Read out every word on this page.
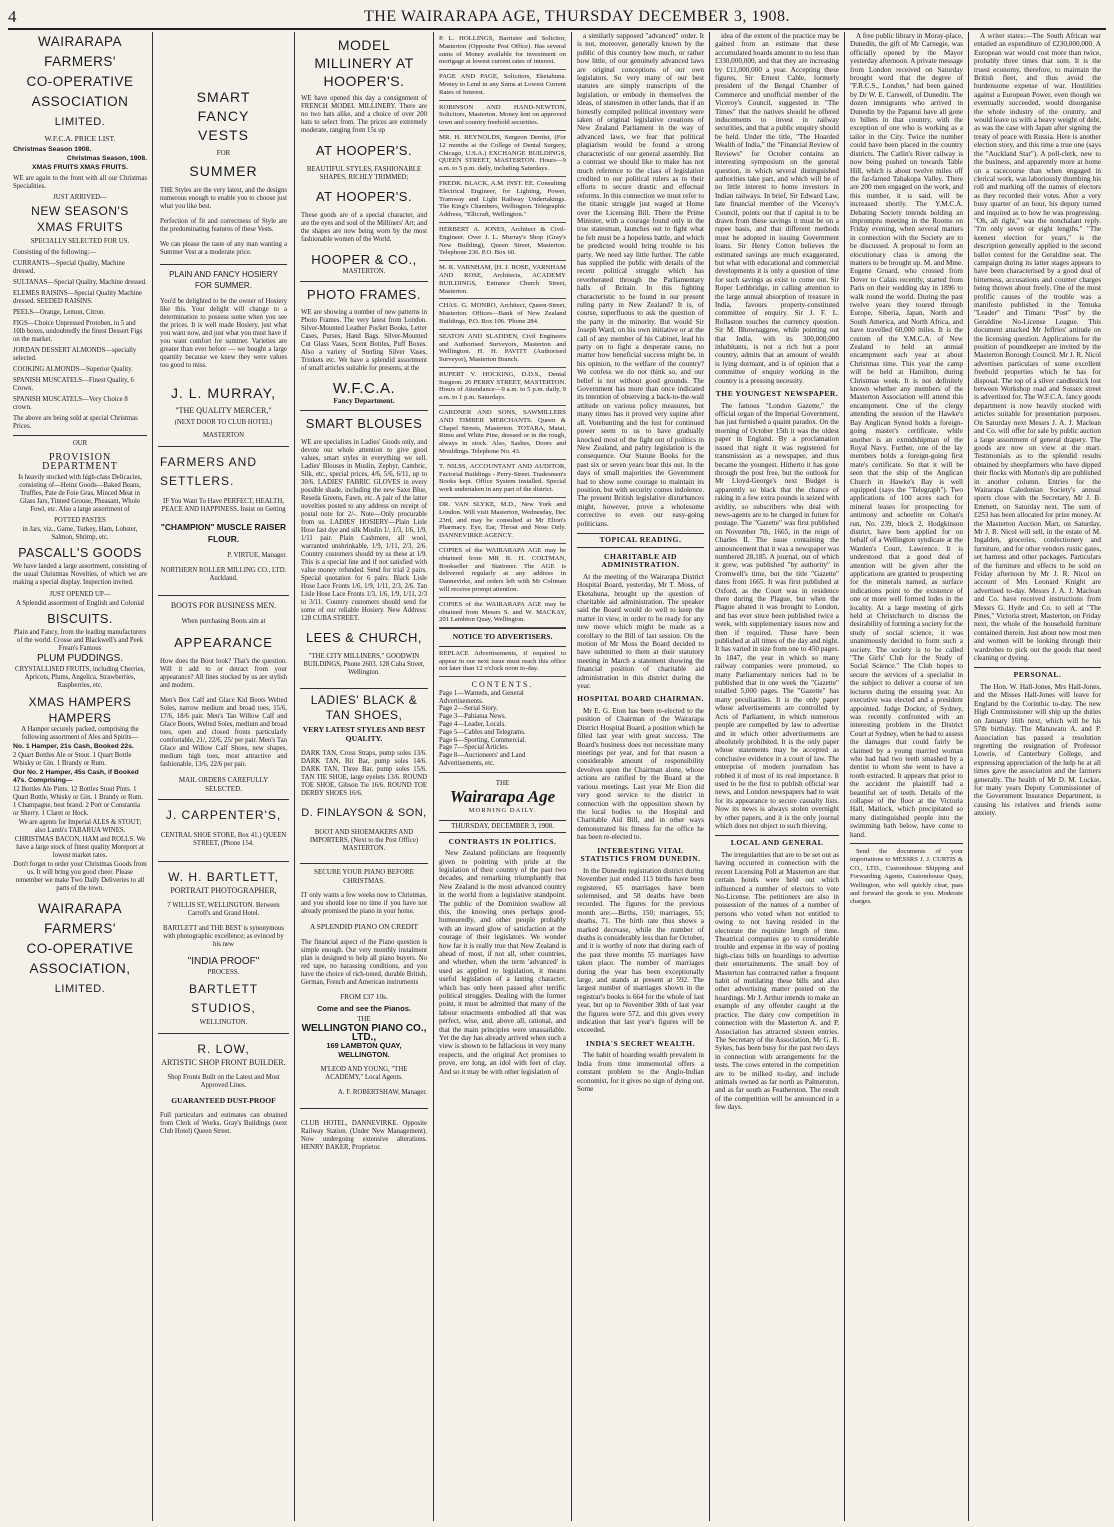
4	THE WAIRARAPA AGE, THURSDAY DECEMBER 3, 1908.
WAIRARAPA
FARMERS'
CO-OPERATIVE
ASSOCIATION
LIMITED.

W.F.C.A. PRICE LIST.

Christmas Season 1908.

Christmas Season, 1908.

XMAS FRUITS XMAS FRUITS.

WE are again to the front with all our Christmas Specialities.

JUST ARRIVED—

NEW SEASON'S XMAS FRUITS

SPECIALLY SELECTED FOR US.

Consisting of the following:—

CURRANTS—Special Quality, Machine dressed.

SULTANAS—Special Quality, Machine dressed.

ELEMES RAISINS—Special Quality Machine dressed. SEEDED RAISINS.

PEELS—Orange, Lemon, Citron.

FIGS—Choice Unpressed Protoben, in 5 and 10lb boxes, undoubtedly the finest Dessert Figs on the market.

JORDAN DESSERT ALMONDS—specially selected.

COOKING ALMONDS—Superior Quality.

SPANISH MUSCATELS—Finest Quality, 6 Crown.

SPANISH MUSCATELS—Very Choice 8 crown.

The above are being sold at special Christmas Prices.

OUR

PROVISION DEPARTMENT

Is heavily stocked with high-class Delicacies, consisting of—Heinz Goods—Baked Beans, Truffles, Pate de Foie Gras, Minced Meat in Glass Jars, Tinned Grouse, Pheasant, Whole Fowl, etc. Also a large assortment of

POTTED PASTES

in Jars, viz., Game, Turkey, Ham, Lobster, Salmon, Shrimp, etc.

PASCALL'S GOODS

We have landed a large assortment, consisting of the usual Christmas Novelties, of which we are making a special display. Inspection invited.

JUST OPENED UP—

A Splendid assortment of English and Colonial

BISCUITS.

Plain and Fancy, from the leading manufacturers of the world. Crosse and Blackwell's and Peek Frean's Famous

PLUM PUDDINGS.

CRYSTALLISED FRUITS, including Cherries, Apricots, Plums, Angelica, Strawberries, Raspberries, etc.

XMAS HAMPERS HAMPERS

A Hamper securely packed, comprising the following assortment of Ales and Spirits—

No. 1 Hamper, 21s Cash, Booked 22s.

2 Quart Bottles Ale or Stout. 1 Quart Bottle Whisky or Gin. 1 Brandy or Rum.

Our No. 2 Hamper, 45s Cash, if Booked 47s. Comprising—

12 Bottles Ale Pints. 12 Bottles Stout Pints. 1 Quart Bottle, Whisky or Gin. 1 Brandy or Rum. 1 Champagne, best brand. 2 Port or Constantia or Sherry. 1 Claret or Hock.

We are agents for Imperial ALES & STOUT; also Lamb's TABARUA WINES.

CHRISTMAS BACON, HAM and ROLLS. We have a large stock of finest quality Moreport at lowest market rates.

Don't forget to order your Christmas Goods from us. It will bring you good cheer. Please remember we make Two Daily Deliveries to all parts of the town.

WAIRARAPA
FARMERS'
CO-OPERATIVE
ASSOCIATION,
LIMITED.
SMART
FANCY
VESTS
FOR
SUMMER

THE Styles are the very latest, and the designs numerous enough to enable you to choose just what you like best.

Perfection of fit and correctness of Style are the predominating features of these Vests.

We can please the taste of any man wanting a Summer Vest at a moderate price.

PLAIN AND FANCY HOSIERY FOR SUMMER.

You'd be delighted to be the owner of Hosiery like this. Your delight will change to a determination to possess some when you see the prices. It is well made Hosiery, just what you want now, and just what you must have if you want comfort for summer. Varieties are greater than ever before — we bought a large quantity because we knew they were values too good to miss.

J. L. MURRAY,
"THE QUALITY MERCER,"
(NEXT DOOR TO CLUB HOTEL)
MASTERTON
FARMERS AND SETTLERS.

IF You Want To Have PERFECT, HEALTH, PEACE AND HAPPINESS. Insist on Getting

"CHAMPION" MUSCLE RAISER FLOUR.

P. VIRTUE, Manager.

NORTHERN ROLLER MILLING CO., LTD. Auckland.

BOOTS FOR BUSINESS MEN.

When purchasing Boots aim at

APPEARANCE

How does the Boot look? That's the question. Will it add to or detract from your appearance? All lines stocked by us are stylish and modern.

Men's Box Calf and Glace Kid Boots Welted Soles, narrow medium and broad toes, 15/6, 17/6, 18/6 pair. Men's Tan Willow Calf and Glace Boots, Welted Soles, medium and broad toes, open and closed fronts particularly comfortable, 21/, 22/6, 25/ per pair. Men's Tan Glace and Willow Calf Shoes, new shapes, medium high toes, most attractive and fashionable, 13/6, 22/6 per pair.

MAIL ORDERS CAREFULLY SELECTED.
J. CARPENTER'S,

CENTRAL SHOE STORE, Box 41.) QUEEN STREET, (Phone 154.

W. H. BARTLETT,
PORTRAIT PHOTOGRAPHER,

7 WILLIS ST, WELLINGTON. Between Carroll's and Grand Hotel.

BARTLETT and THE BEST is synonymous with photographic excellence; as evinced by his new

"INDIA PROOF"
PROCESS.
BARTLETT STUDIOS,
WELLINGTON.
R. LOW,
ARTISTIC SHOP FRONT BUILDER.

Shop Fronts Built on the Latest and Most Approved Lines.

GUARANTEED DUST-PROOF

Full particulars and estimates can obtained from Clerk of Works, Gray's Buildings (next Club Hotel) Queen Street.

MODEL MILLINERY AT HOOPER'S.

WE have opened this day a consignment of FRENCH MODEL MILLINERY. There are no two hats alike, and a choice of over 200 hats to select from. The prices are extremely moderate, ranging from 15s up

AT HOOPER'S.

BEAUTIFUL STYLES, FASHIONABLE SHAPES, RICHLY TRIMMED;

AT HOOPER'S.

These goods are of a special character, and are the eyes and soul of the Milliners' Art; and the shapes are now being worn by the most fashionable women of the World.

HOOPER & CO.,
MASTERTON.
PHOTO FRAMES.

WE are showing a number of new patterns in Photo Frames. The very latest from London. Silver-Mounted Leather Pocket Books, Letter Cases, Purses, Hand Bags. Silver-Mounted Cut Glass Vases, Scent Bottles, Puff Boxes. Also a variety of Sterling Silver Vases, Trinkets etc. We have a splendid assortment of small articles suitable for presents, at the

W.F.C.A.
Fancy Department.
SMART BLOUSES

WE are specialists in Ladies' Goods only, and devote our whole attention to give good values, smart styles in everything we sell. Ladies' Blouses in Muslin, Zephyr, Cambric, Silk, etc., special prices, 4/6, 5/6, 6/11, up to 30/6. LADIES' FABRIC GLOVES in every possible shade, including the new Saxe Blue, Reseda Greens, Fawn, etc. A pair of the latter novelties posted to any address on receipt of postal note for 2/-. Note—Only procurable from us. LADIES' HOSIERY—Plain Lisle Hose fast dye and silk Muslin 1/, 1/3, 1/6, 1/9, 1/11 pair. Plain Cashmere, all wool, warranted unshrinkable, 1/9, 1/11, 2/3, 2/6. Country customers should try us these at 1/9. This is a special line and if not satisfied with value money refunded. Send for trial 2 pairs. Special quotation for 6 pairs. Black Lisle Hose Lace Fronts 1/6, 1/9, 1/11, 2/3, 2/6. Tan Lisle Hose Lace Fronts 1/3, 1/6, 1/9, 1/11, 2/3 to 3/11. Country customers should send for some of our reliable Hosiery. New Address: 128 CUBA STREET.

LEES & CHURCH,

"THE CITY MILLINERS," GOODWIN BUILDINGS, Phone 2603. 128 Cuba Street, Wellington.

LADIES' BLACK & TAN SHOES,
VERY LATEST STYLES AND BEST QUALITY.

DARK TAN, Cross Straps, pump soles 13/6. DARK TAN, Bit Bar, pump soles 14/6. DARK TAN, Three Bar, pump soles 15/6. TAN TIE SHOE, large eyelets 13/6. ROUND TOE SHOE, Gibson Tie 16/6. ROUND TOE DERBY SHOES 16/6.

D. FINLAYSON & SON,

BOOT AND SHOEMAKERS AND IMPORTERS, (Next to the Post Office) MASTERTON.

SECURE YOUR PIANO BEFORE CHRISTMAS.

IT only wants a few weeks now to Christmas, and you should lose no time if you have not already promised the piano in your home.

A SPLENDID PIANO ON CREDIT

The financial aspect of the Piano question is simple enough. Our very monthly instalment plan is designed to help all piano buyers. No red tape, no harassing conditions, and you have the choice of rich-toned, durable British, German, French and American instruments

FROM £37 10s.
Come and see the Pianos.
THE
WELLINGTON PIANO CO., LTD.,
169 LAMBTON QUAY, WELLINGTON.

M'LEOD AND YOUNG, "THE ACADEMY," Local Agents.

A. F. ROBERTSHAW, Manager.

CLUB HOTEL, DANNEVIRKE. Opposite Railway Station. (Under New Management). Now undergoing extensive alterations. HENRY BAKER, Proprietor.

P. L. HOLLINGS, Barrister and Solicitor, Masterton (Opposite Post Office). Has several sums of Money available for investment on mortgage at lowest current rates of interest.
PAGE AND PAGE, Solicitors, Eketahuna. Money to Lend in any Sums at Lowest Current Rates of Interest.
ROBINSON AND HAND-NEWTON, Solicitors, Masterton. Money lent on approved town and country freehold securities.
MR. H. REYNOLDS, Surgeon Dentist, (For 12 months at the College of Dental Surgery, Chicago, U.S.A.) EXCHANGE BUILDINGS, QUEEN STREET, MASTERTON. Hours—9 a.m. to 5 p.m. daily, including Saturdays.
FREDK. BLACK, A.M. INST. EE. Consulting Electrical Engineer, for Lighting, Power, Tramway and Light Railway Undertakings. The King's Chambers, Wellington. Telegraphic Address, "Ellicraft, Wellington."
HERBERT A. JONES, Architect & Civil-Engineer. Over J. L. Murray's Shop (Gray's New Building), Queen Street, Masterton. Telephone 236. P.O. Box 60.
M. R. VARNHAM, [H. J. ROSE, VARNHAM AND ROSE, Architects, ACADEMY BUILDINGS, Entrance Church Street, Masterton.
CHAS. G. MONRO, Architect, Queen-Street, Masterton. Offices—Bank of New Zealand Buildings, P.O. Box 106. 'Phone 284.
SEATON AND SLADDEN, Civil Engineers and Authorised Surveyors, Masterton and Wellington. H. H. PAVITT (Authorised Surveyor), Masterton Branch.
RUPERT V. HOCKING, D.D.S., Dental Surgeon. 26 PERRY STREET, MASTERTON. Hours of Attendance—9 a.m. to 5 p.m. daily, 9 a.m. to 1 p.m. Saturdays.
GARDNER AND SONS, SAWMILLERS AND TIMBER MERCHANTS. Queen & Chapel Streets, Masterton. TOTARA, Matai, Rimu and White Pine, dressed or in the rough, always in stock. Also, Sashes, Doors and Mouldings. Telephone No. 43.
T. NILSS, ACCOUNTANT AND AUDITOR, Factorial Buildings - Perry-Street. Tradesmen's Books kept. Office System installed. Special work undertaken in any part of the district.
DR. VAN SLYKE, M.D., New York and London. Will visit Masterton, Wednesday, Dec 23rd, and may be consulted at Mr Elton's Pharmacy. Eye, Ear, Throat and Nose Only. DANNEVIRKE AGENCY.
COPIES of the WAIRARAPA AGE may be obtained from MR R. H. COLTMAN, Bookseller and Stationer. The AGE is delivered regularly at any address in Dannevirke, and orders left with Mr Coltman will receive prompt attention.
COPIES of the WAIRARAPA AGE may be obtained from Messrs S. and W. MACKAY, 201 Lambton Quay, Wellington.
NOTICE TO ADVERTISERS.
REPLACE Advertisements, if required to appear in our next issue must reach this office not later than 12 o'clock noon to-day.
CONTENTS.
Page 1—Wanteds, and General Advertisements.
Page 2—Serial Story.
Page 3—Pahiatua News.
Page 4—Leader, Locals.
Page 5—Cables and Telegrams.
Page 6—Sporting, Commercial.
Page 7—Special Articles.
Page 8—Auctioneers' and Land Advertisements, etc.
THE
Wairarapa Age
MORNING DAILY.
THURSDAY, DECEMBER 3, 1908.
CONTRASTS IN POLITICS.

New Zealand politicians are frequently given to pointing with pride at the legislation of their country of the past two decades, and remarking triumphantly that New Zealand is the most advanced country in the world from a legislative standpoint. The public of the Dominion swallow all this, the knowing ones perhaps good-humouredly, and other people probably with an inward glow of satisfaction at the courage of their legislators. We wonder how far it is really true that New Zealand is ahead of most, if not all, other countries, and whether, when the term 'advanced' is used as applied to legislation, it means useful legislation of a lasting character, which has only been passed after terrific political struggles. Dealing with the former point, it must be admitted that many of the labour enactments embodied all that was perfect, wise, and, above all, rational, and that the main principles were unassailable. Yet the day has already arrived when such a view is shown to be fallacious in very many respects, and the original Act promises to prove, ere long, an idol with feet of clay. And so it may be with other legislation of

a similarly supposed "advanced" order. It is not, moreover, generally known by the public of this country how much, or rather how little, of our genuinely advanced laws are original conceptions of our own legislators. So very many of our best statutes are simply transcripts of the legislation, or embody in themselves the ideas, of statesmen in other lands, that if an honestly compiled political inventory were taken of original legislative creations of New Zealand Parliament in the way of advanced laws, we fear that political plagiarism would be found a strong characteristic of our general assembly. But a contrast we should like to make has not much reference to the class of legislation credited to our political rulers as to their efforts to secure drastic and effectual reforms. In this connection we must refer to the titanic struggle just waged at Home over the Licensing Bill. There the Prime Minister, with a courage found only in the true statesman, launches out to fight what he felt must be a hopeless battle, and which he predicted would bring trouble to his party. We need say little further. The cable has supplied the public with details of the recent political struggle which has reverberated through the Parliamentary halls of Britain. In this fighting characteristic to be found in our present ruling party in New Zealand? It is, of course, superfluous to ask the question of the party in the minority. But would Sir Joseph Ward, on his own initiative or at the call of any member of his Cabinet, lead his party on to fight a desperate cause, no matter how beneficial success might be, in his opinion, to the welfare of the country? We confess we do not think so, and our belief is not without good grounds. The Government has more than once indicated its intention of observing a back-to-the-wall attitude on various policy measures, but many times has it proved very supine after all. Votehunting and the lust for continued power seem to us to have gradually knocked most of the fight out of politics in New Zealand, and paltry legislation is the consequence. Our Statute Books for the past six or seven years bear this out. In the days of small majorities the Government had to show some courage to maintain its position, but with security comes indolence. The present British legislative disturbances might, however, prove a wholesome corrective to even our easy-going politicians.

TOPICAL READING.
CHARITABLE AID ADMINISTRATION.

At the meeting of the Wairarapa District Hospital Board, yesterday, Mr T. Moss, of Eketahuna, brought up the question of charitable aid administration. The speaker said the Board would do well to keep the matter in view, in order to be ready for any new move which might be made as a corollary to the Bill of last session. On the motion of Mr Moss the Board decided to have submitted to them at their statutory meeting in March a statement showing the financial position of charitable aid administration in this district during the year.

HOSPITAL BOARD CHAIRMAN.

Mr E. G. Eton has been re-elected to the position of Chairman of the Wairarapa District Hospital Board, a position which he filled last year with great success. The Board's business does not necessitate many meetings per year, and for that reason a considerable amount of responsibility devolves upon the Chairman alone, whose actions are ratified by the Board at the various meetings. Last year Mr Eton did very good service to the district in connection with the opposition shown by the local bodies to the Hospital and Charitable Aid Bill, and in other ways demonstrated his fitness for the office he has been re-elected to.

INTERESTING VITAL STATISTICS FROM DUNEDIN.

In the Dunedin registration district during November just ended 113 births have been registered, 65 marriages have been solemnised, and 58 deaths have been recorded. The figures for the previous month are:—Births, 150; marriages, 55; deaths, 71. The birth rate thus shows a marked decrease, while the number of deaths is considerably less than for October, and it is worthy of note that during each of the past three months 55 marriages have taken place. The number of marriages during the year has been exceptionally large, and stands at present at 592. The largest number of marriages shown in the registrar's books is 664 for the whole of last year, but up to November 30th of last year the figures were 572, and this gives every indication that last year's figures will be exceeded.

INDIA'S SECRET WEALTH.

The habit of hoarding wealth prevalent in India from time immemorial offers a constant problem to the Anglo-Indian economist, for it gives no sign of dying out. Some

idea of the extent of the practice may be gained from an estimate that these accumulated hoards amount to no less than £330,000,000, and that they are increasing by £11,000,000 a year. Accepting these figures, Sir Ernest Cable, formerly president of the Bengal Chamber of Commerce and unofficial member of the Viceroy's Council, suggested in "The Times" that the natives should be offered inducements to invest in railway securities, and that a public enquiry should be held. Under the title, "The Hoarded Wealth of India," the "Financial Review of Reviews" for October contains an interesting symposium on the general question, in which several distinguished authorities take part, and which will be of no little interest to home investors in Indian railways. In brief, Sir Edward Law, late financial member of the Viceroy's Council, points out that if capital is to be drawn from these savings it must be on a rupee basis, and that different methods must be adopted in issuing Government loans. Sir Henry Cotton believes the estimated savings are much exaggerated, but what with educational and commercial developments it is only a question of time for such savings as exist to come out. Sir Roper Lethbridge, in calling attention to the large annual absorption of treasure in India, favours property-constituted committee of enquiry. Sir J. F. L. Rollaston touches the currency question. Sir M. Bhownaggree, while pointing out that India, with its 300,000,000 inhabitants, is not a rich but a poor country, admits that an amount of wealth is lying dormant, and is of opinion that a committee of enquiry working in the country is a pressing necessity.

THE YOUNGEST NEWSPAPER.

The famous "London Gazette," the official organ of the Imperial Government, has just furnished a quaint paradox. On the morning of October 15th it was the oldest paper in England. By a proclamation issued that night it was registered for transmission as a newspaper, and thus became the youngest. Hitherto it has gone through the post free, but the outlook for Mr Lloyd-George's next Budget is apparently so black that the chance of raking in a few extra pounds is seized with avidity, so subscribers who deal with news-agents are to be charged in future for postage. The "Gazette" was first published on November 7th, 1665, in the reign of Charles II. The issue containing the announcement that it was a newspaper was numbered 28,185. A journal, out of which it grew, was published "by authority" in Cromwell's time, but the title "Gazette" dates from 1665. It was first published at Oxford, as the Court was in residence there during the Plague, but when the Plague abated it was brought to London, and has ever since been published twice a week, with supplementary issues now and then if required. These have been published at all times of the day and night. It has varied in size from one to 450 pages. In 1847, the year in which so many railway companies were promoted, so many Parliamentary notices had to be published that in one week the "Gazette" totalled 5,000 pages. The "Gazette" has many peculiarities. It is the only paper whose advertisements are controlled by Acts of Parliament, in which numerous people are compelled by law to advertise and in which other advertisements are absolutely prohibited. It is the only paper whose statements may be accepted as conclusive evidence in a court of law. The enterprise of modern journalism has robbed it of most of its real importance. It used to be the first to publish official war news, and London newspapers had to wait for its appearance to secure casualty lists. Now its news is always stolen overnight by other papers, and it is the only journal which does not object to such thieving.

LOCAL AND GENERAL

The irregularities that are to be set out as having occurred in connection with the recent Licensing Poll at Masterton are that certain hotels were held out which influenced a number of electors to vote No-License. The petitioners are also in possession of the names of a number of persons who voted when not entitled to owing to not having resided in the electorate the requisite length of time. Theatrical companies go to considerable trouble and expense in the way of posting high-class bills on hoardings to advertise their entertainments. The small boy of Masterton has contracted rather a frequent habit of mutilating these bills and also other advertising matter posted on the hoardings. Mr J. Arthur intends to make an example of any offender caught at the practice. The dairy cow competition in connection with the Masterton A. and P. Association has attracted sixteen entries. The Secretary of the Association, Mr G. R. Sykes, has been busy for the past two days in connection with arrangements for the tests. The cows entered in the competition are to be milked to-day, and include animals owned as far north as Palmerston, and as far south as Featherston. The result of the competition will be announced in a few days.

A free public library in Moray-place, Dunedin, the gift of Mr Carnegie, was officially opened by the Mayor yesterday afternoon. A private message from London received on Saturday brought word that the degree of "F.R.C.S., London," had been gained by Dr W. E. Carswell, of Dunedin. The dozen immigrants who arrived in Dunedin by the Papanui have all gone to billets in that country, with the exception of one who is working as a tailor in the City. Twice the number could have been placed in the country districts. The Catlin's River railway is now being pushed on towards Table Hill, which is about twelve miles off the far-famed Tahakopa Valley. There are 200 men engaged on the work, and this number, it is said, will be increased shortly. The Y.M.C.A. Debating Society intends holding an impromptu meeting in the Rooms on Friday evening, when several matters in connection with the Society are to be discussed. A proposal to form an elocutionary class is among the matters to be brought up. M. and Mme. Eugene Gruard, who crossed from Dover to Calais recently, started from Paris on their wedding day in 1896 to walk round the world. During the past twelve years they toured through Europe, Siberia, Japan, North and South America, and North Africa, and have travelled 60,000 miles. It is the custom of the Y.M.C.A. of New Zealand to hold an annual encampment each year at about Christmas time. This year the camp will be held at Hamilton, during Christmas week. It is not definitely known whether any members of the Masterton Association will attend this encampment. One of the clergy attending the session of the Hawke's Bay Anglican Synod holds a foreign-going master's certificate, while another is an exmidshipman of the Royal Navy. Further, one of the lay members holds a foreign-going first mate's certificate. So that it will be seen that the ship of the Anglican Church in Hawke's Bay is well equipped (says the "Telegraph"). Two applications of 100 acres each for mineral leases for prospecting for antimony and scheelite on Coltan's run, No. 239, block 2, Hodgkinson district, have been applied for on behalf of a Wellington syndicate at the Warden's Court, Lawrence. It is understood that a good deal of attention will be given after the applications are granted to prospecting for the minerals named, as surface indications point to the existence of one or more well formed lodes in the locality. At a large meeting of girls held at Christchurch to discuss the desirability of forming a society for the study of social science, it was unanimously decided to form such a society. The society is to be called "The Girls' Club for the Study of Social Science." The Club hopes to secure the services of a specialist in the subject to deliver a course of ten lectures during the ensuing year. An executive was elected and a president appointed. Judge Docker, of Sydney, was recently confronted with an interesting problem in the District Court at Sydney, when he had to assess the damages that could fairly be claimed by a young married woman who had had two teeth smashed by a dentist to whom she went to have a tooth extracted. It appears that prior to the accident the plaintiff had a beautiful set of teeth. Details of the collapse of the floor at the Victoria Hall, Matlock, which precipitated so many distinguished people into the swimming bath below, have come to hand.

Send the documents of your importations to MESSRS J. J. CURTIS & CO., LTD., Customhouse Shipping and Forwarding Agents, Customhouse Quay, Wellington, who will quickly clear, pass and forward the goods to you. Moderate charges.

A writer states:—The South African war entailed an expenditure of £230,000,000. A European war would cost more than twice, probably three times that sum. It is the truest economy, therefore, to maintain the British fleet, and thus avoid the burdensome expense of war. Hostilities against a European Power, even though we eventually succeeded, would disorganise the whole industry of the country, and would leave us with a heavy weight of debt, as was the case with Japan after signing the treaty of peace with Russia. Here is another election story, and this time a true one (says the "Auckland Star"). A poll-clerk, new to the business, and apparently more at home on a racecourse than when engaged in clerical work, was laboriously thumbing his roll and marking off the names of electors as they recorded their votes. After a very busy quarter of an hour, his deputy turned and inquired as to how he was progressing. "Oh, all right," was the nonchalant reply. "I'm only seven or eight lengths." "The keenest election for years," is the description generally applied to the second ballot contest for the Geraldine seat. The campaign during its latter stages appears to have been characterised by a good deal of bitterness, accusations and counter charges being thrown about freely. One of the most prolific causes of the trouble was a manifesto published in the Temuka "Leader" and Timaru "Post" by the Geraldine No-License League. This document attacked Mr Jeffries' attitude on the licensing question. Applications for the position of poundkeeper are invited by the Masterton Borough Council. Mr J. R. Nicol advertises particulars of some excellent freehold properties which he has for disposal. The top of a silver candlestick lost between Workshop road and Sussex street is advertised for. The W.F.C.A. fancy goods department is now heavily stocked with articles suitable for presentation purposes. On Saturday next Messrs J. A. J. Maclean and Co. will offer for sale by public auction a large assortment of general drapery. The goods are now on view at the mart. Testimonials as to the splendid results obtained by sheepfarmers who have dipped their flocks with Morton's dip are published in another column. Entries for the Wairarapa Caledonian Society's annual sports close with the Secretary, Mr J. B. Emmett, on Saturday next. The sum of £253 has been allocated for prize money. At the Masterton Auction Mart, on Saturday, Mr J. R. Nicol will sell, in the estate of M. Ingalden, groceries, confectionery and furniture, and for other vendors rustic gates, set harness and other packages. Particulars of the furniture and effects to be sold on Friday afternoon by Mr J. R. Nicol on account of Mrs Leonard Knight are advertised to-day. Messrs J. A. J. Maclean and Co. have received instructions from Messrs G. Hyde and Co. to sell at "The Pines," Victoria street, Masterton, on Friday next, the whole of the household furniture contained therein. Just about now most men and women will be looking through their wardrobes to pick out the goods that need cleaning or dyeing.

PERSONAL.

The Hon. W. Hall-Jones, Mrs Hall-Jones, and the Misses Hall-Jones will leave for England by the Corinthic to-day. The new High Commissioner will ship up the duties on January 16th next, which will be his 57th birthday. The Manawatu A. and P. Association has passed a resolution regretting the resignation of Professor Lowrie, of Canterbury College, and expressing appreciation of the help he at all times gave the association and the farmers generally. The health of Mr D. M. Luckie, for many years Deputy Commissioner of the Government Insurance Department, is causing his relatives and friends some anxiety.
